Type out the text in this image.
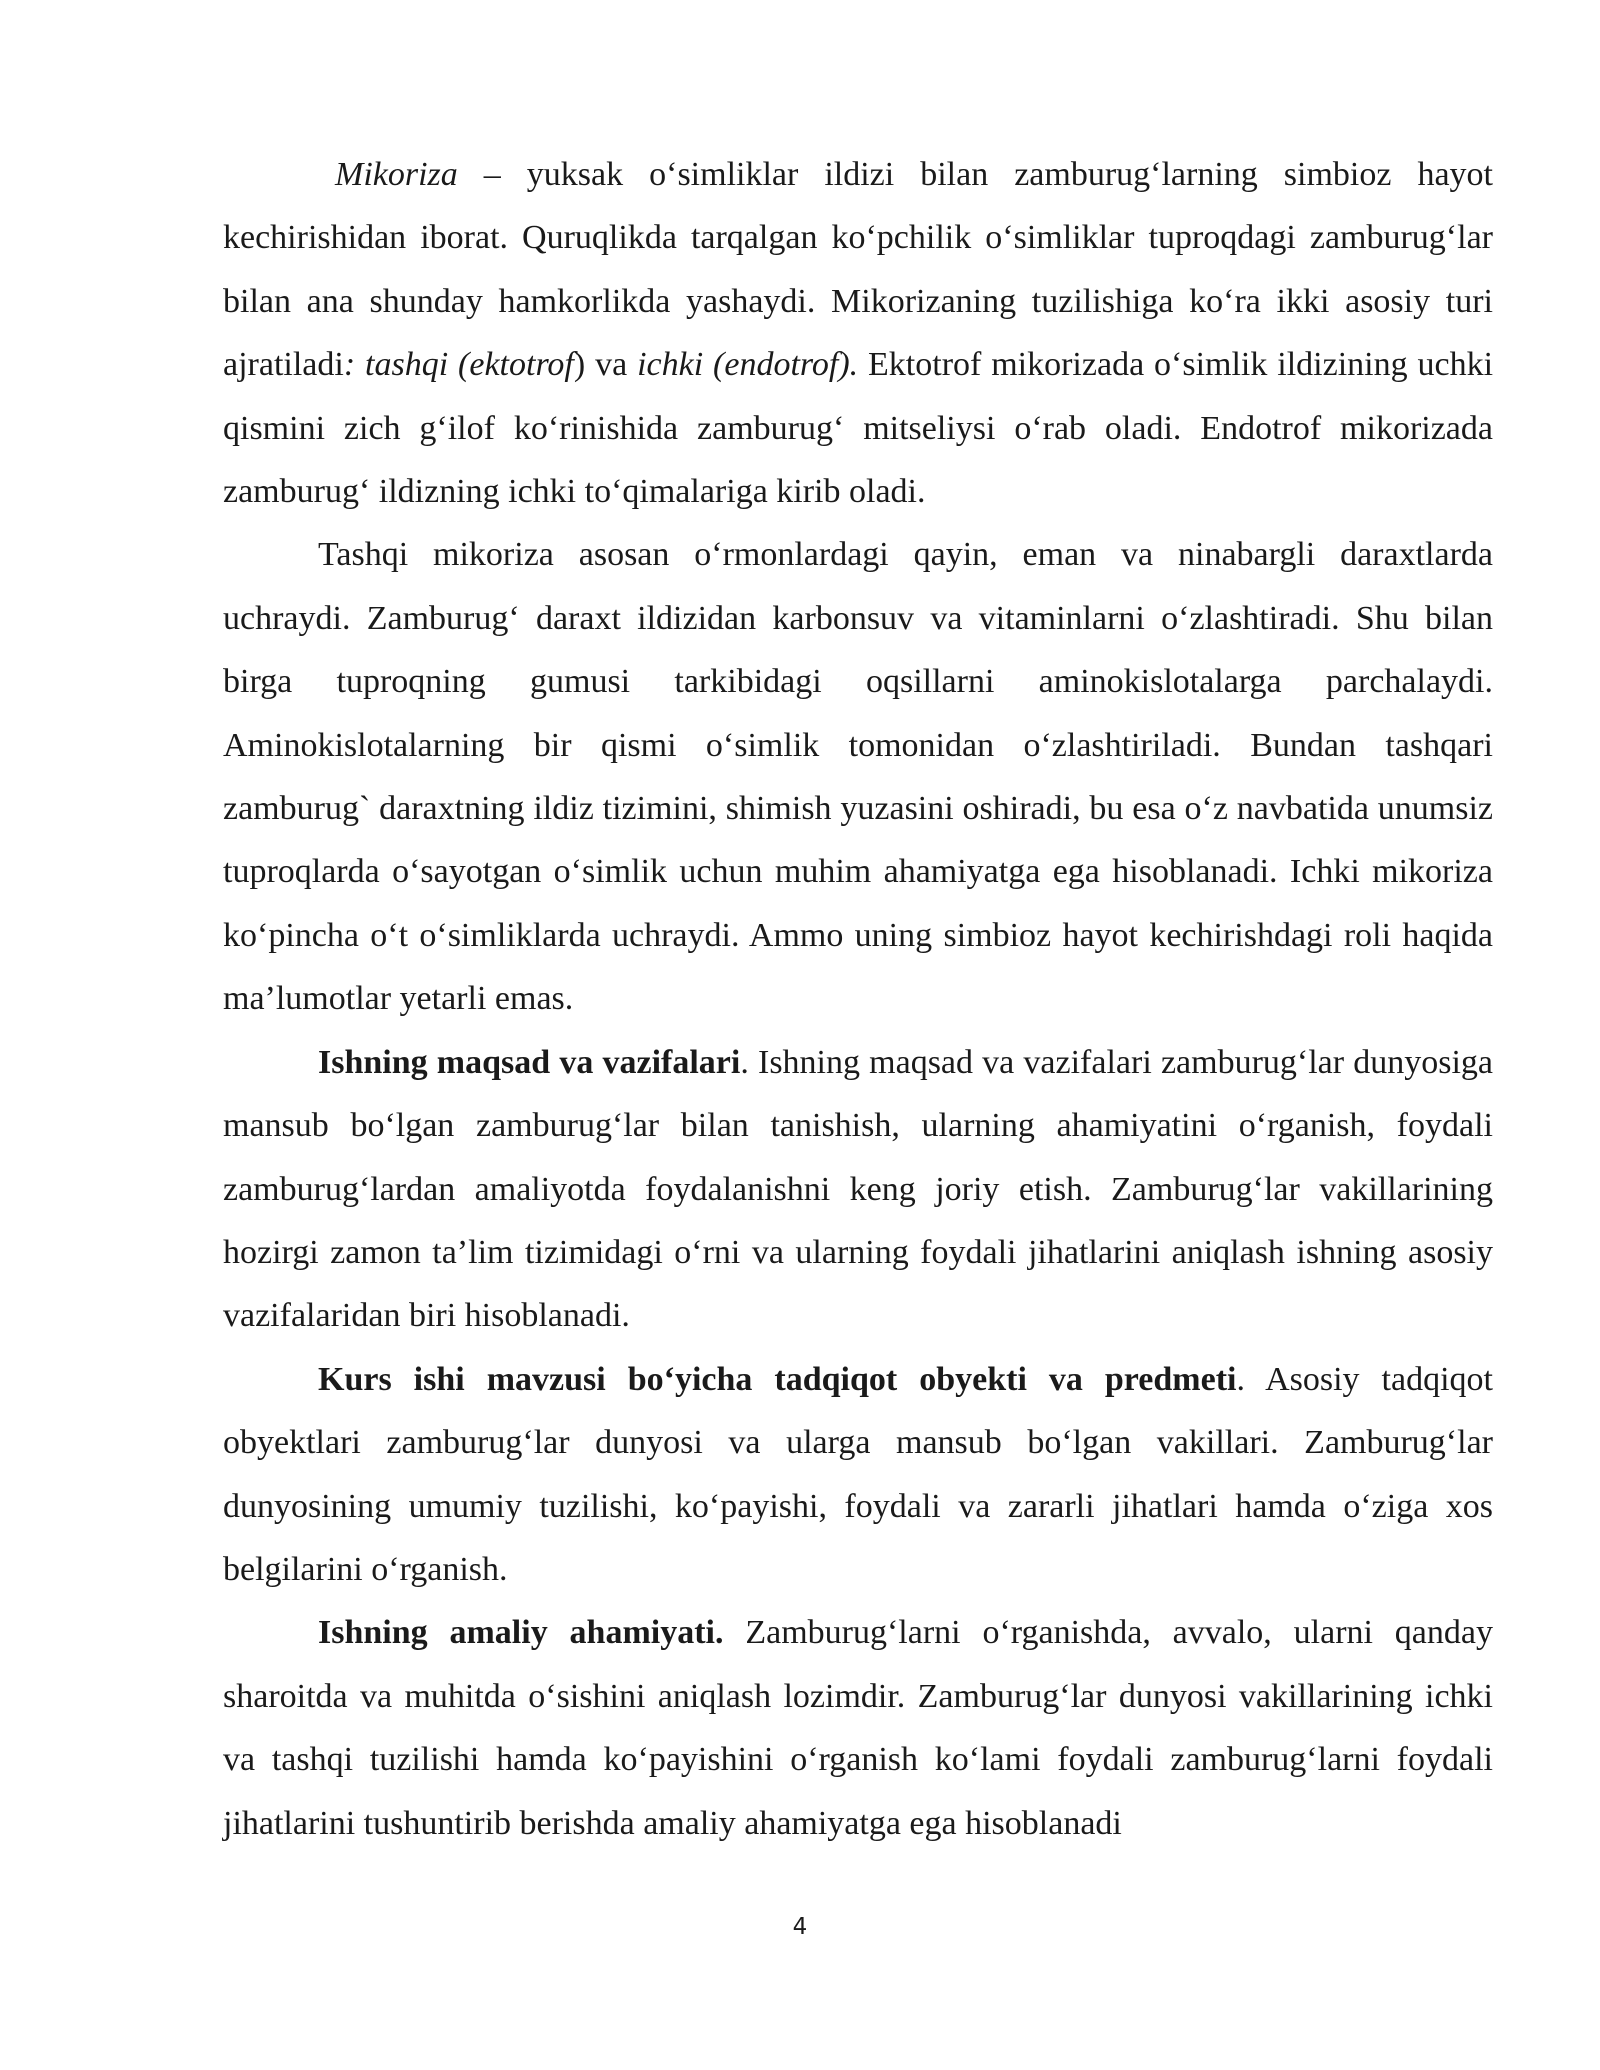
Mikoriza – yuksak o‘simliklar ildizi bilan zamburug‘larning simbioz hayot kechirishidan iborat. Quruqlikda tarqalgan ko‘pchilik o‘simliklar tuproqdagi zamburug‘lar bilan ana shunday hamkorlikda yashaydi. Mikorizaning tuzilishiga ko‘ra ikki asosiy turi ajratiladi: tashqi (ektotrof) va ichki (endotrof). Ektotrof mikorizada o‘simlik ildizining uchki qismini zich g‘ilof ko‘rinishida zamburug‘ mitseliysi o‘rab oladi. Endotrof mikorizada zamburug‘ ildizning ichki to‘qimalariga kirib oladi.

Tashqi mikoriza asosan o‘rmonlardagi qayin, eman va ninabargli daraxtlarda uchraydi. Zamburug‘ daraxt ildizidan karbonsuv va vitaminlarni o‘zlashtiradi. Shu bilan birga tuproqning gumusi tarkibidagi oqsillarni aminokislotalarga parchalaydi. Aminokislotalarning bir qismi o‘simlik tomonidan o‘zlashtiriladi. Bundan tashqari zamburug` daraxtning ildiz tizimini, shimish yuzasini oshiradi, bu esa o‘z navbatida unumsiz tuproqlarda o‘sayotgan o‘simlik uchun muhim ahamiyatga ega hisoblanadi. Ichki mikoriza ko‘pincha o‘t o‘simliklarda uchraydi. Ammo uning simbioz hayot kechirishdagi roli haqida ma’lumotlar yetarli emas.

Ishning maqsad va vazifalari. Ishning maqsad va vazifalari zamburug‘lar dunyosiga mansub bo‘lgan zamburug‘lar bilan tanishish, ularning ahamiyatini o‘rganish, foydali zamburug‘lardan amaliyotda foydalanishni keng joriy etish. Zamburug‘lar vakillarining hozirgi zamon ta’lim tizimidagi o‘rni va ularning foydali jihatlarini aniqlash ishning asosiy vazifalaridan biri hisoblanadi.

Kurs ishi mavzusi bo‘yicha tadqiqot obyekti va predmeti. Asosiy tadqiqot obyektlari zamburug‘lar dunyosi va ularga mansub bo‘lgan vakillari. Zamburug‘lar dunyosining umumiy tuzilishi, ko‘payishi, foydali va zararli jihatlari hamda o‘ziga xos belgilarini o‘rganish.

Ishning amaliy ahamiyati. Zamburug‘larni o‘rganishda, avvalo, ularni qanday sharoitda va muhitda o‘sishini aniqlash lozimdir. Zamburug‘lar dunyosi vakillarining ichki va tashqi tuzilishi hamda ko‘payishini o‘rganish ko‘lami foydali zamburug‘larni foydali jihatlarini tushuntirib berishda amaliy ahamiyatga ega hisoblanadi

4
